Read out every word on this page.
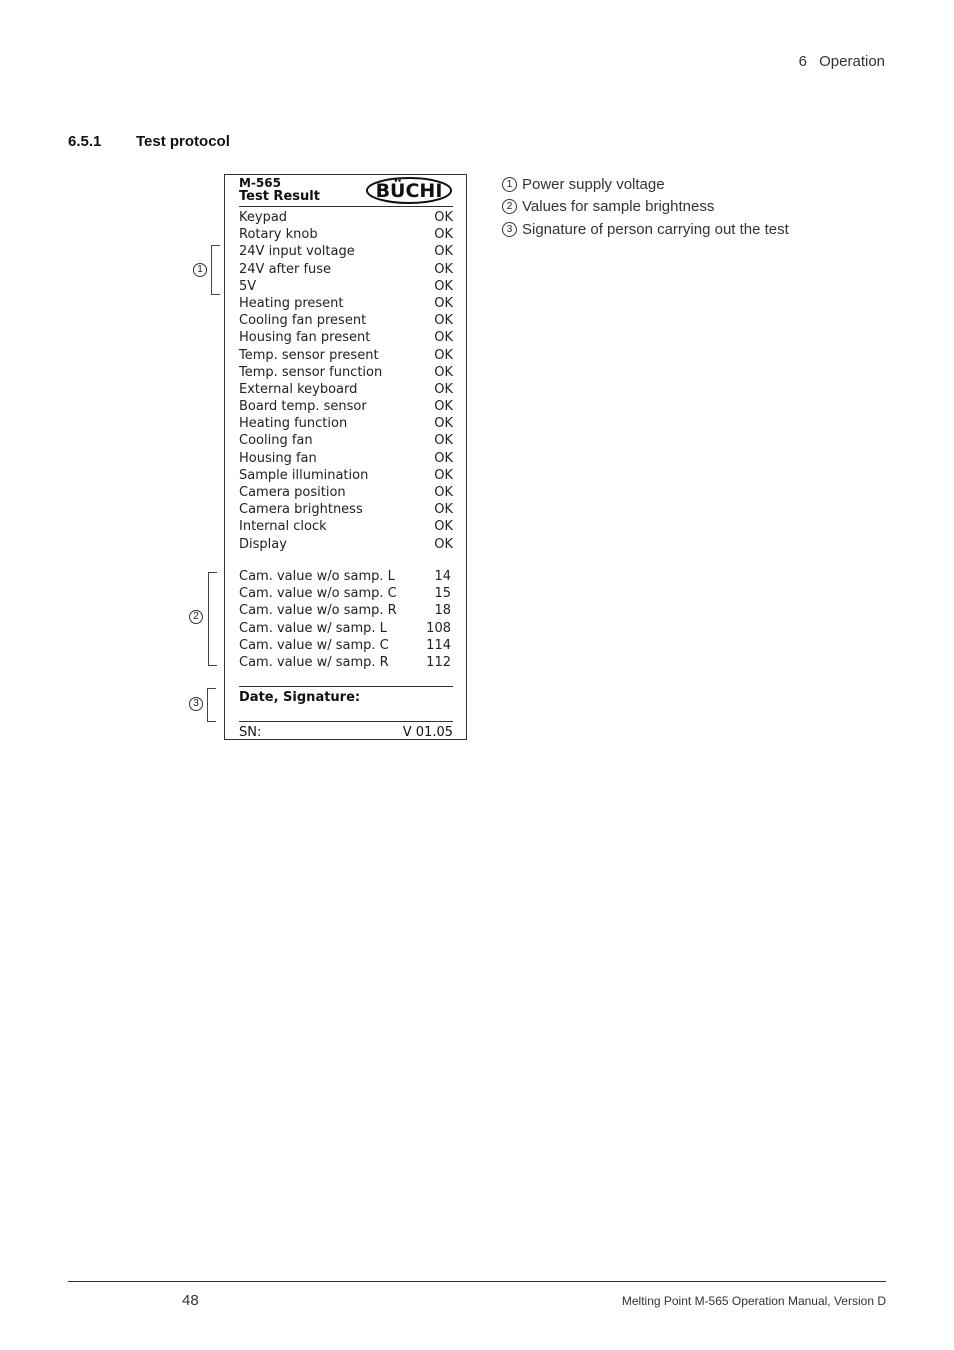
6 Operation
6.5.1 Test protocol
1
2
3
M-565
Test Result	BÜCHI
Keypad	OK
Rotary knob	OK
24V input voltage	OK
24V after fuse	OK
5V	OK
Heating present	OK
Cooling fan present	OK
Housing fan present	OK
Temp. sensor present	OK
Temp. sensor function	OK
External keyboard	OK
Board temp. sensor	OK
Heating function	OK
Cooling fan	OK
Housing fan	OK
Sample illumination	OK
Camera position	OK
Camera brightness	OK
Internal clock	OK
Display	OK
Cam. value w/o samp. L	14
Cam. value w/o samp. C	15
Cam. value w/o samp. R	18
Cam. value w/ samp. L	108
Cam. value w/ samp. C	114
Cam. value w/ samp. R	112
Date, Signature:
SN:	V 01.05
1 Power supply voltage
2 Values for sample brightness
3 Signature of person carrying out the test
48	Melting Point M-565 Operation Manual, Version D
